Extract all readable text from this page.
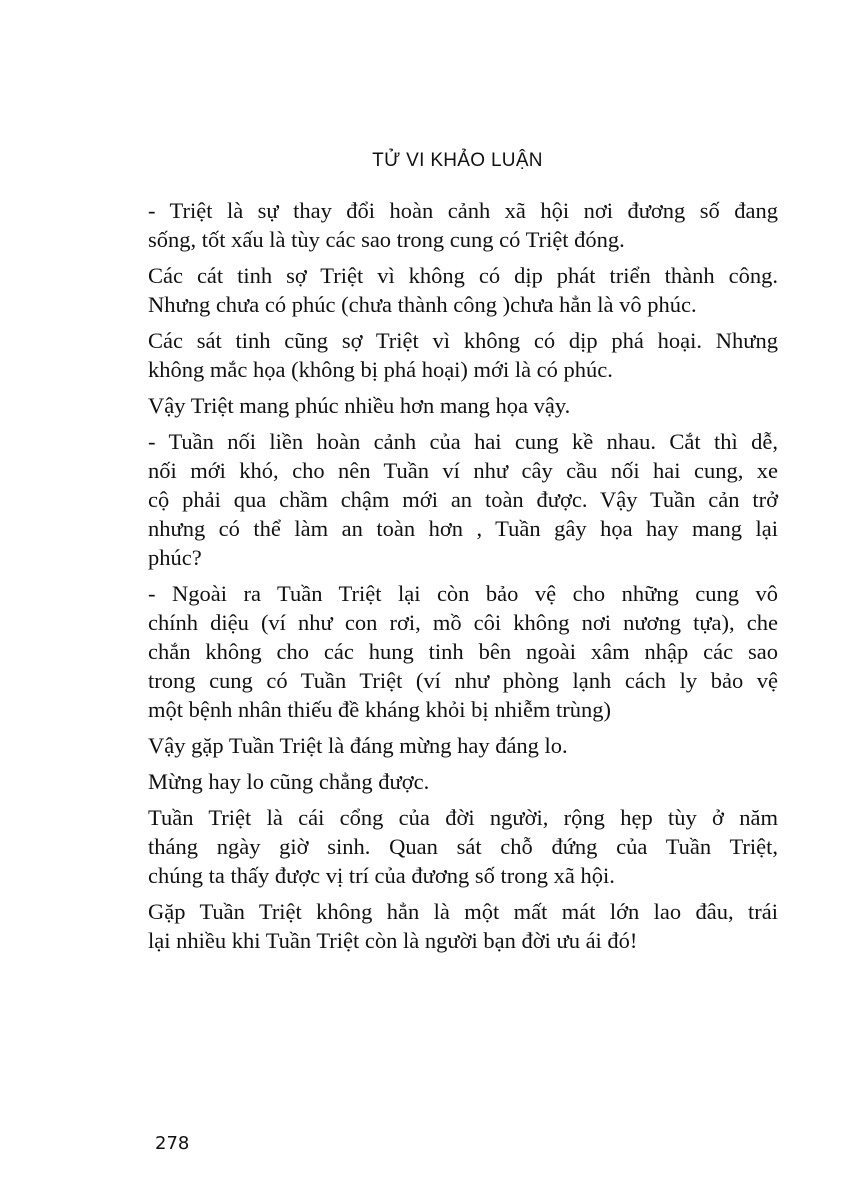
TỬ VI KHẢO LUẬN

- Triệt là sự thay đổi hoàn cảnh xã hội nơi đương số đang
sống, tốt xấu là tùy các sao trong cung có Triệt đóng.

Các cát tinh sợ Triệt vì không có dịp phát triển thành công.
Nhưng chưa có phúc (chưa thành công )chưa hẳn là vô phúc.

Các sát tinh cũng sợ Triệt vì không có dịp phá hoại. Nhưng
không mắc họa (không bị phá hoại) mới là có phúc.

Vậy Triệt mang phúc nhiều hơn mang họa vậy.

- Tuần nối liền hoàn cảnh của hai cung kề nhau. Cắt thì dễ,
nối mới khó, cho nên Tuần ví như cây cầu nối hai cung, xe
cộ phải qua chầm chậm mới an toàn được. Vậy Tuần cản trở
nhưng có thể làm an toàn hơn , Tuần gây họa hay mang lại
phúc?

- Ngoài ra Tuần Triệt lại còn bảo vệ cho những cung vô
chính diệu (ví như con rơi, mồ côi không nơi nương tựa), che
chắn không cho các hung tinh bên ngoài xâm nhập các sao
trong cung có Tuần Triệt (ví như phòng lạnh cách ly bảo vệ
một bệnh nhân thiếu đề kháng khỏi bị nhiễm trùng)

Vậy gặp Tuần Triệt là đáng mừng hay đáng lo.

Mừng hay lo cũng chẳng được.

Tuần Triệt là cái cổng của đời người, rộng hẹp tùy ở năm
tháng ngày giờ sinh. Quan sát chỗ đứng của Tuần Triệt,
chúng ta thấy được vị trí của đương số trong xã hội.

Gặp Tuần Triệt không hẳn là một mất mát lớn lao đâu, trái
lại nhiều khi Tuần Triệt còn là người bạn đời ưu ái đó!

278
